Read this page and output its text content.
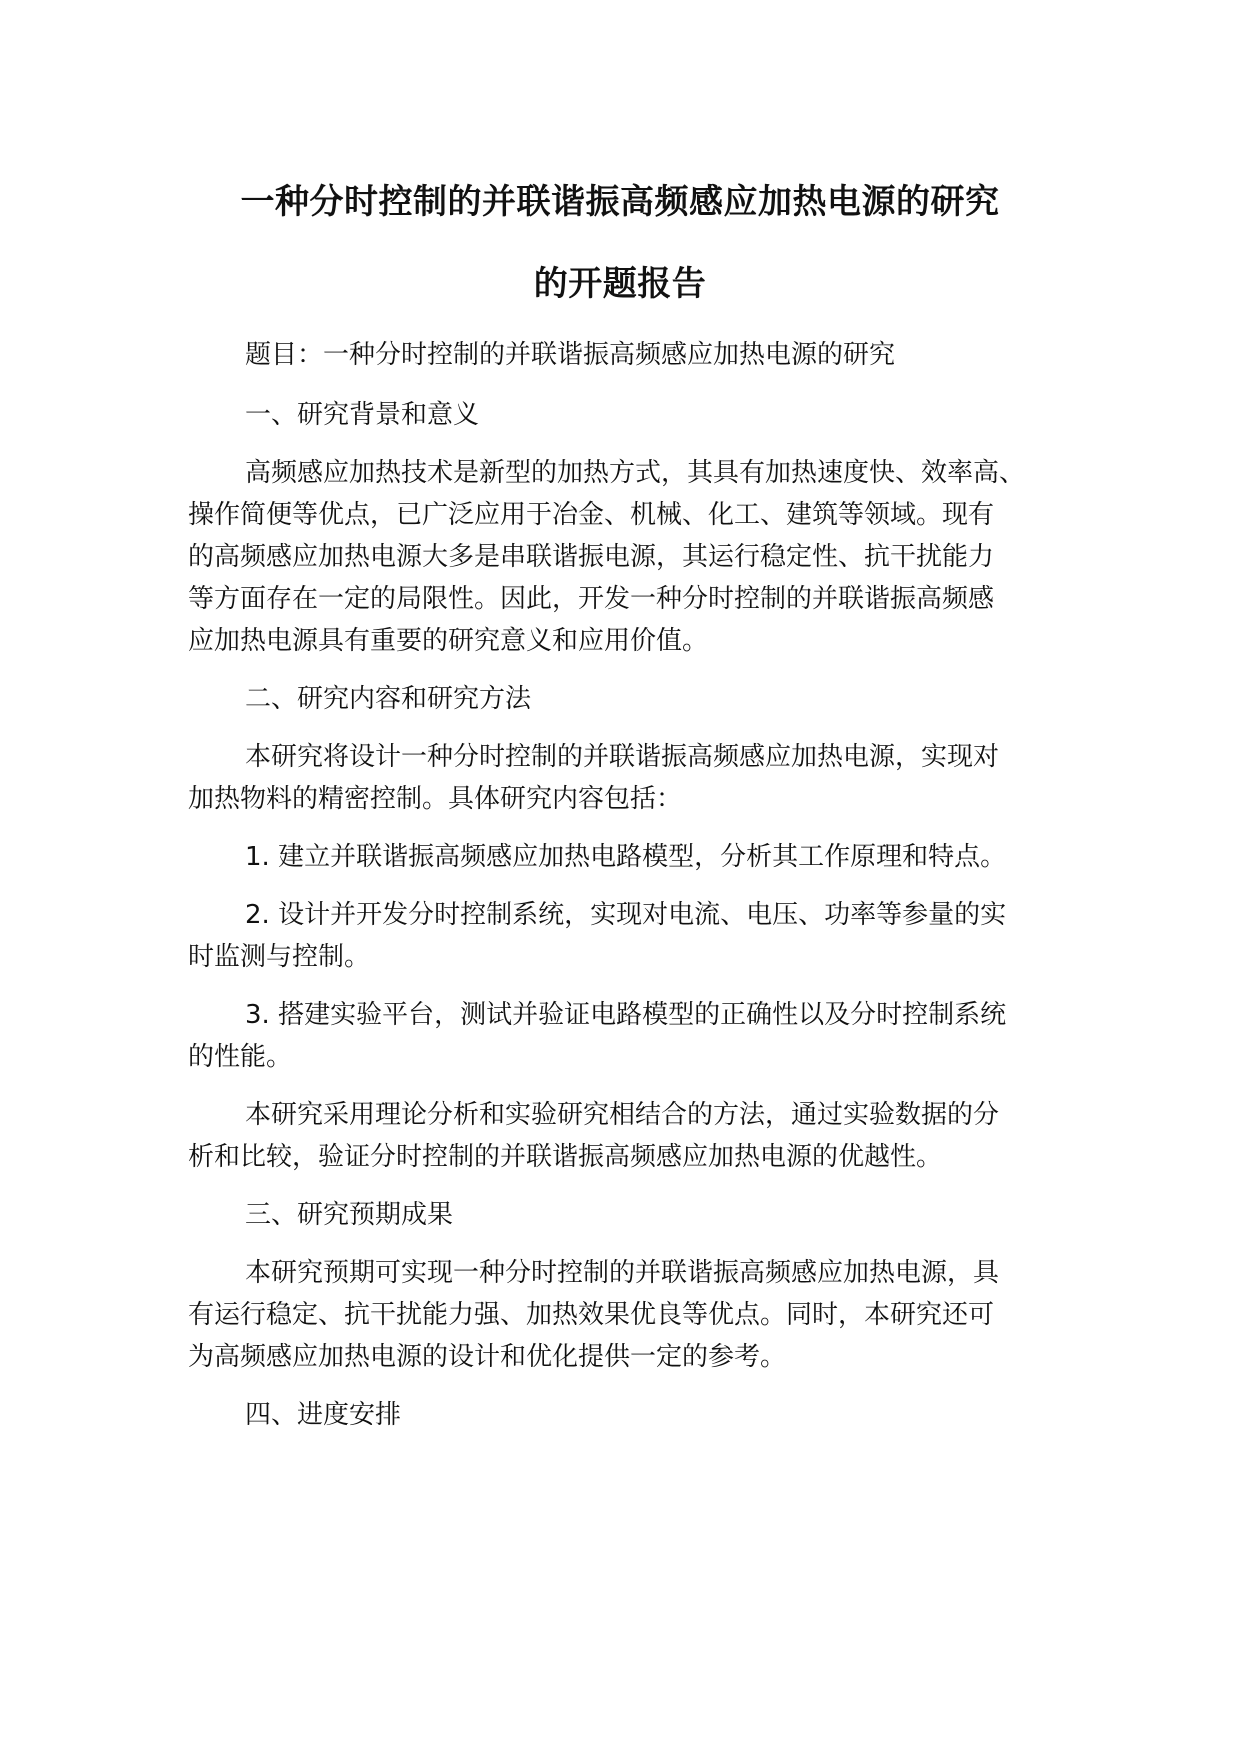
一种分时控制的并联谐振高频感应加热电源的研究
的开题报告
题目：一种分时控制的并联谐振高频感应加热电源的研究
一、研究背景和意义
高频感应加热技术是新型的加热方式，其具有加热速度快、效率高、
操作简便等优点，已广泛应用于冶金、机械、化工、建筑等领域。现有
的高频感应加热电源大多是串联谐振电源，其运行稳定性、抗干扰能力
等方面存在一定的局限性。因此，开发一种分时控制的并联谐振高频感
应加热电源具有重要的研究意义和应用价值。
二、研究内容和研究方法
本研究将设计一种分时控制的并联谐振高频感应加热电源，实现对
加热物料的精密控制。具体研究内容包括：
1. 建立并联谐振高频感应加热电路模型，分析其工作原理和特点。
2. 设计并开发分时控制系统，实现对电流、电压、功率等参量的实
时监测与控制。
3. 搭建实验平台，测试并验证电路模型的正确性以及分时控制系统
的性能。
本研究采用理论分析和实验研究相结合的方法，通过实验数据的分
析和比较，验证分时控制的并联谐振高频感应加热电源的优越性。
三、研究预期成果
本研究预期可实现一种分时控制的并联谐振高频感应加热电源，具
有运行稳定、抗干扰能力强、加热效果优良等优点。同时，本研究还可
为高频感应加热电源的设计和优化提供一定的参考。
四、进度安排
